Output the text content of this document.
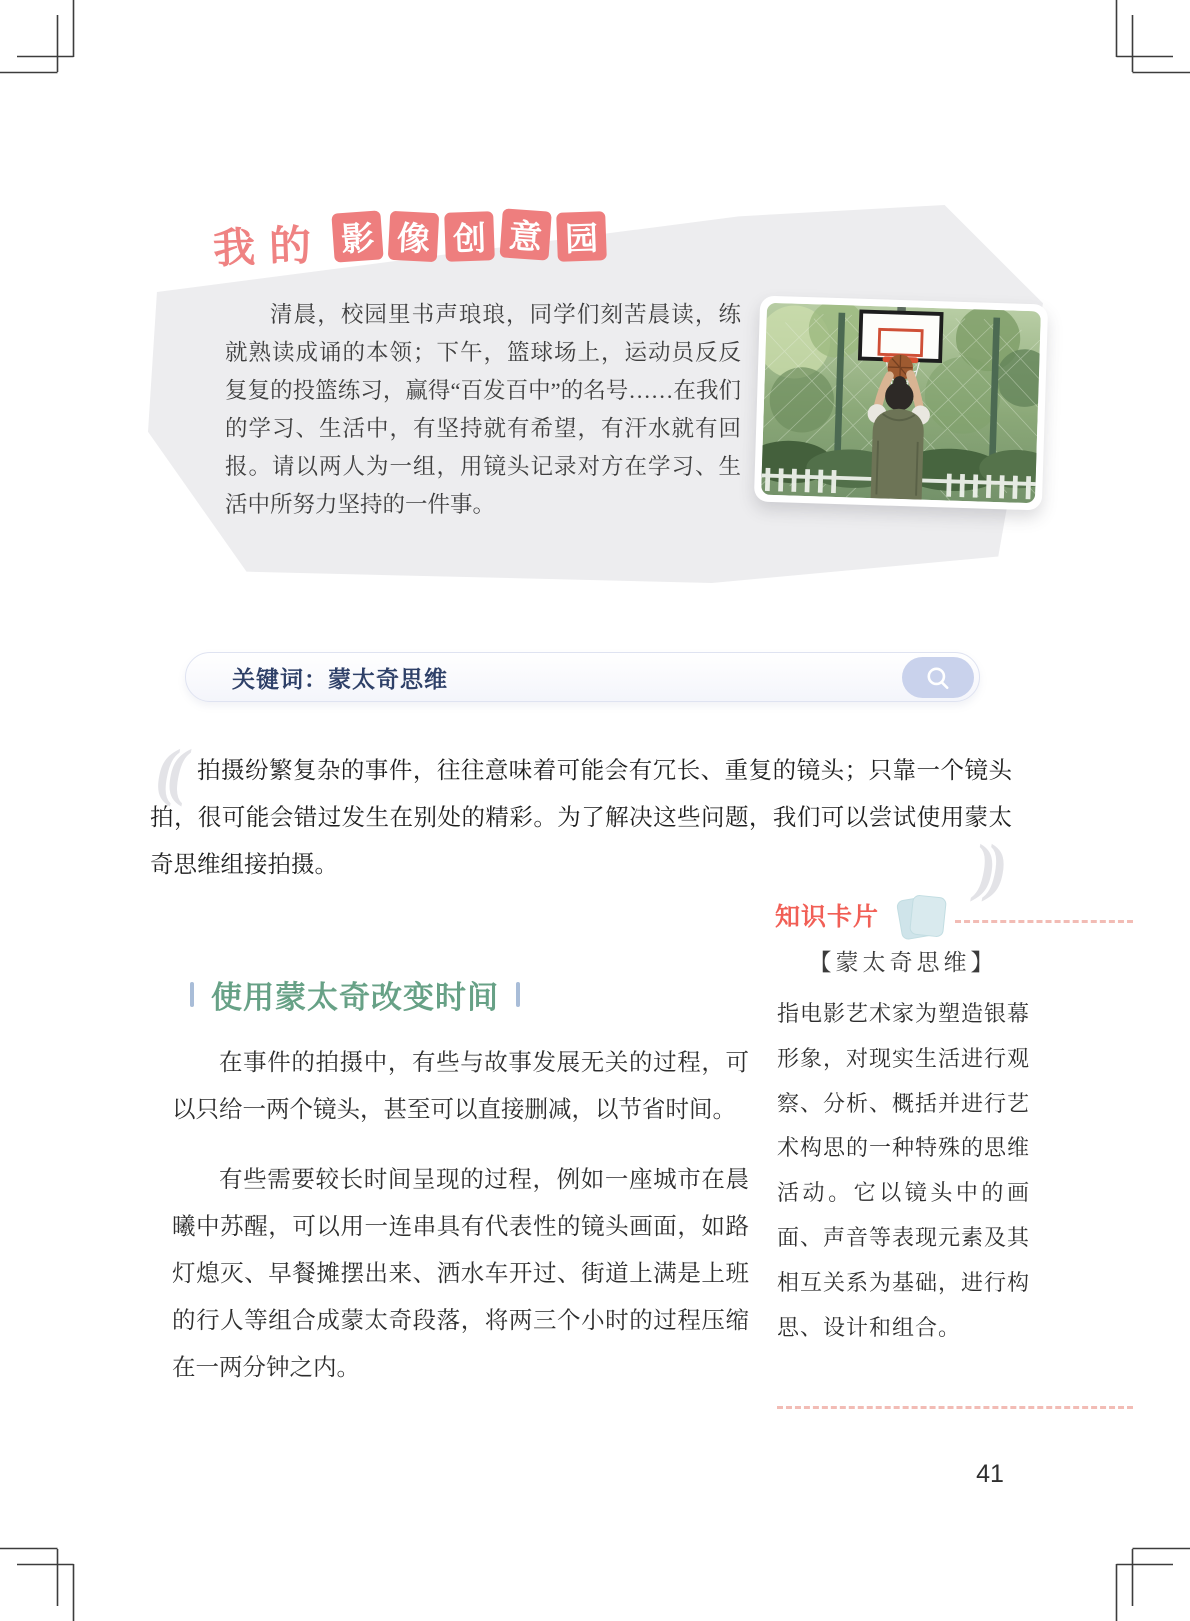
我的 影 像 创 意 园
清晨，校园里书声琅琅，同学们刻苦晨读，练就熟读成诵的本领；下午，篮球场上，运动员反反复复的投篮练习，赢得“百发百中”的名号……在我们的学习、生活中，有坚持就有希望，有汗水就有回报。请以两人为一组，用镜头记录对方在学习、生活中所努力坚持的一件事。
关键词：蒙太奇思维
(( 拍摄纷繁复杂的事件，往往意味着可能会有冗长、重复的镜头；只靠一个镜头拍，很可能会错过发生在别处的精彩。为了解决这些问题，我们可以尝试使用蒙太奇思维组接拍摄。	))
使用蒙太奇改变时间

在事件的拍摄中，有些与故事发展无关的过程，可以只给一两个镜头，甚至可以直接删减，以节省时间。

有些需要较长时间呈现的过程，例如一座城市在晨曦中苏醒，可以用一连串具有代表性的镜头画面，如路灯熄灭、早餐摊摆出来、洒水车开过、街道上满是上班的行人等组合成蒙太奇段落，将两三个小时的过程压缩在一两分钟之内。

知识卡片
【蒙太奇思维】
指电影艺术家为塑造银幕形象，对现实生活进行观察、分析、概括并进行艺术构思的一种特殊的思维活动。它以镜头中的画面、声音等表现元素及其相互关系为基础，进行构思、设计和组合。
41
